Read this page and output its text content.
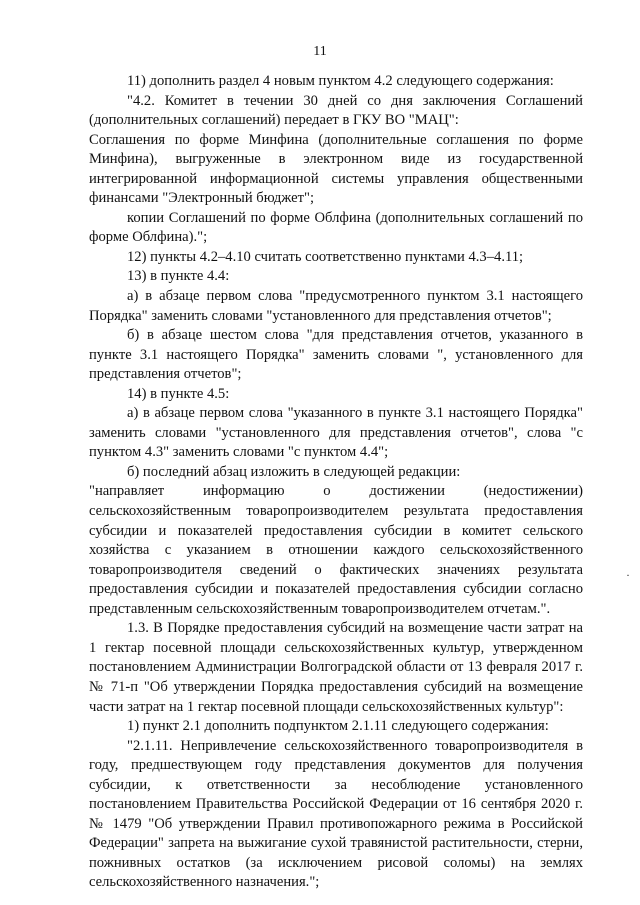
11

11) дополнить раздел 4 новым пунктом 4.2 следующего содержания:

"4.2. Комитет в течении 30 дней со дня заключения Соглашений (дополнительных соглашений) передает в ГКУ ВО "МАЦ":

Соглашения по форме Минфина (дополнительные соглашения по форме Минфина), выгруженные в электронном виде из государственной интегрированной информационной системы управления общественными финансами "Электронный бюджет";

копии Соглашений по форме Облфина (дополнительных соглашений по форме Облфина).";

12) пункты 4.2–4.10 считать соответственно пунктами 4.3–4.11;

13) в пункте 4.4:

а) в абзаце первом слова "предусмотренного пунктом 3.1 настоящего Порядка" заменить словами "установленного для представления отчетов";

б) в абзаце шестом слова "для представления отчетов, указанного в пункте 3.1 настоящего Порядка" заменить словами ", установленного для представления отчетов";

14) в пункте 4.5:

а) в абзаце первом слова "указанного в пункте 3.1 настоящего Порядка" заменить словами "установленного для представления отчетов", слова "с пунктом 4.3" заменить словами "с пунктом 4.4";

б) последний абзац изложить в следующей редакции:

"направляет информацию о достижении (недостижении) сельскохозяйственным товаропроизводителем результата предоставления субсидии и показателей предоставления субсидии в комитет сельского хозяйства с указанием в отношении каждого сельскохозяйственного товаропроизводителя сведений о фактических значениях результата предоставления субсидии и показателей предоставления субсидии согласно представленным сельскохозяйственным товаропроизводителем отчетам.".

1.3. В Порядке предоставления субсидий на возмещение части затрат на 1 гектар посевной площади сельскохозяйственных культур, утвержденном постановлением Администрации Волгоградской области от 13 февраля 2017 г. № 71-п "Об утверждении Порядка предоставления субсидий на возмещение части затрат на 1 гектар посевной площади сельскохозяйственных культур":

1) пункт 2.1 дополнить подпунктом 2.1.11 следующего содержания:

"2.1.11. Непривлечение сельскохозяйственного товаропроизводителя в году, предшествующем году представления документов для получения субсидии, к ответственности за несоблюдение установленного постановлением Правительства Российской Федерации от 16 сентября 2020 г. № 1479 "Об утверждении Правил противопожарного режима в Российской Федерации" запрета на выжигание сухой травянистой растительности, стерни, пожнивных остатков (за исключением рисовой соломы) на землях сельскохозяйственного назначения.";

·
